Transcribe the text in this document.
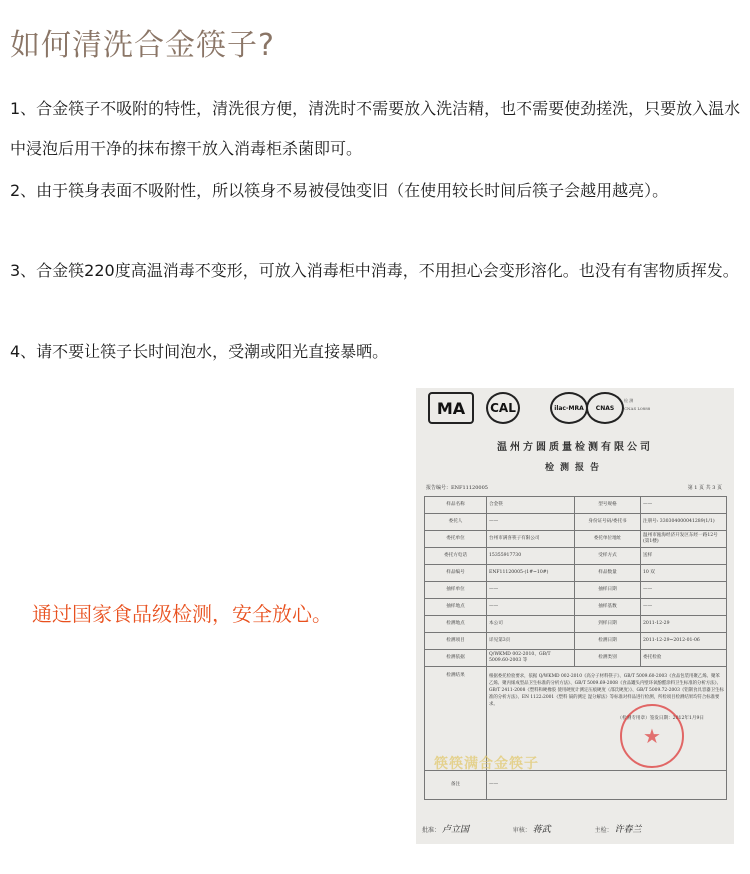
如何清洗合金筷子?
1、合金筷子不吸附的特性，清洗很方便，清洗时不需要放入洗洁精，也不需要使劲搓洗，只要放入温水中浸泡后用干净的抹布擦干放入消毒柜杀菌即可。
2、由于筷身表面不吸附性，所以筷身不易被侵蚀变旧（在使用较长时间后筷子会越用越亮）。
3、合金筷220度高温消毒不变形，可放入消毒柜中消毒，不用担心会变形溶化。也没有有害物质挥发。
4、请不要让筷子长时间泡水，受潮或阳光直接暴晒。
通过国家食品级检测，安全放心。
MA	CAL	ilac-MRA	CNAS
检 测
CNAS L0888
温州方圆质量检测有限公司
检测报告
报告编号：ENF11120005	第 1 页 共 3 页
样品名称	合金筷	型号规格	——
委托人	——	身份证号码/委托书	注册号: 330304000041289(1/1)
委托单位	台州市满喜筷子有限公司	委托单位地址	温州市瓯海经济开发区东经一路12号(第1楼)
委托方电话	15355917730	受样方式	送样
样品编号	ENF11120005-(1#~10#)	样品数量	10 双
抽样单位	——	抽样日期	——
抽样地点	——	抽样基数	——
检测地点	本公司	到样日期	2011-12-29
检测项目	详见第3页	检测日期	2011-12-29~2012-01-06
检测依据	Q/WKMD 002-2010、GB/T 5009.60-2003 等	检测类别	委托检验
检测结果	根据委托检验要求，依据 Q/WKMD 002-2010《高分子材料筷子》、GB/T 5009.60-2003《食品包装用聚乙烯、聚苯乙烯、聚丙烯成型品卫生标准的分析方法》、GB/T 5009.69-2008《食品罐头内壁环氧酚醛涂料卫生标准的分析方法》、GB/T 2411-2008《塑料和硬橡胶 使用硬度计测定压痕硬度（邵氏硬度）》、GB/T 5009.72-2003《铝制食具容器卫生标准的分析方法》、EN 1122:2001《塑料 镉的测定 湿分解法》等标准对样品进行检测，所检项目检测结果均符合标准要求。
（检测专用章）签发日期：2012年1月9日		

备注	——		
★
筷筷满合金筷子
批准： 卢立国	审核： 蒋武	主检： 许春兰
